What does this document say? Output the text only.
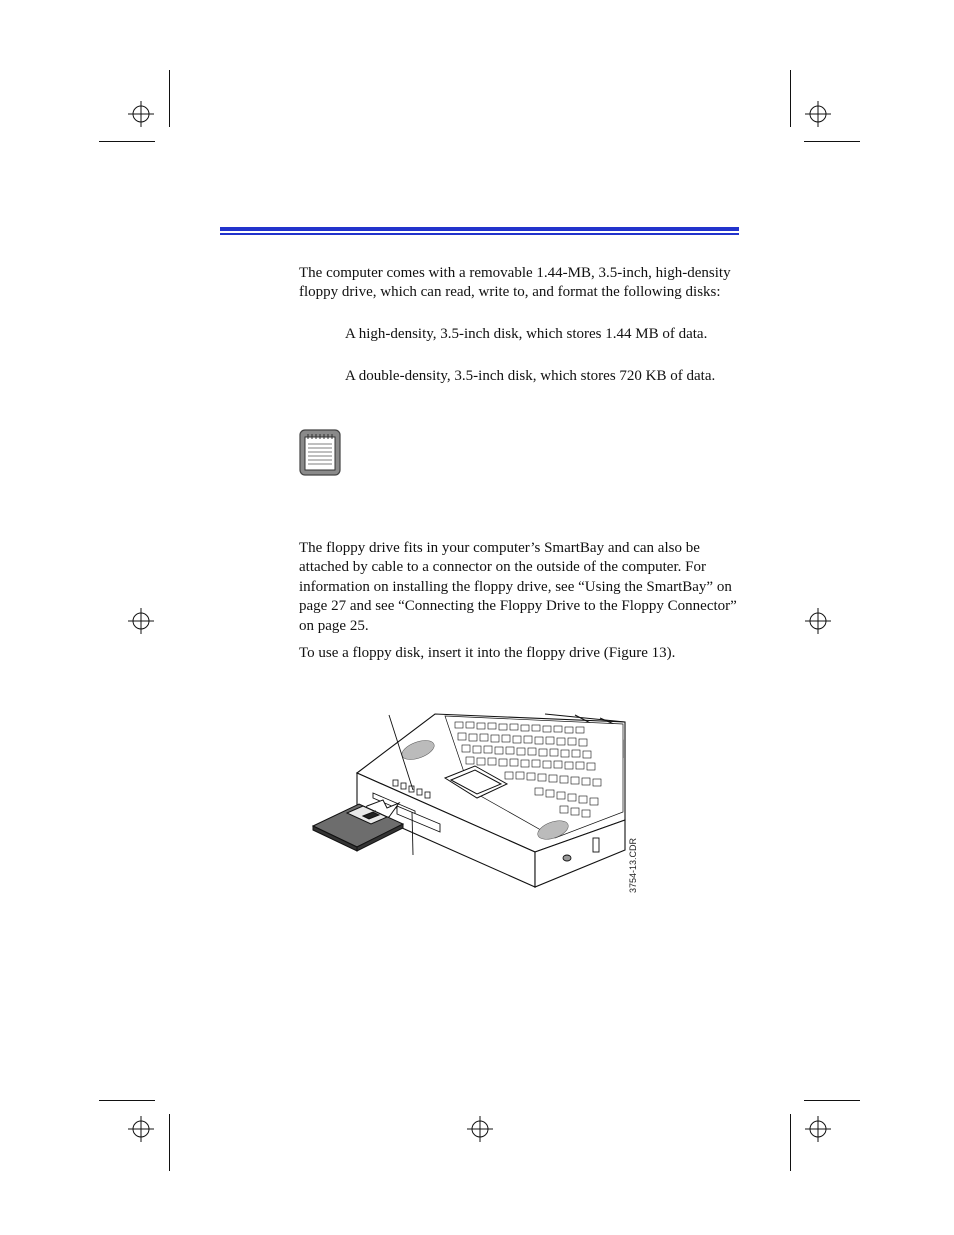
The computer comes with a removable 1.44-MB, 3.5-inch, high-density floppy drive, which can read, write to, and format the following disks:

A high-density, 3.5-inch disk, which stores 1.44 MB of data.

A double-density, 3.5-inch disk, which stores 720 KB of data.

The floppy drive fits in your computer’s SmartBay and can also be attached by cable to a connector on the outside of the computer. For information on installing the floppy drive, see “Using the SmartBay” on page 27 and see “Connecting the Floppy Drive to the Floppy Connector” on page 25.

To use a floppy disk, insert it into the floppy drive (Figure 13).

3754-13.CDR
